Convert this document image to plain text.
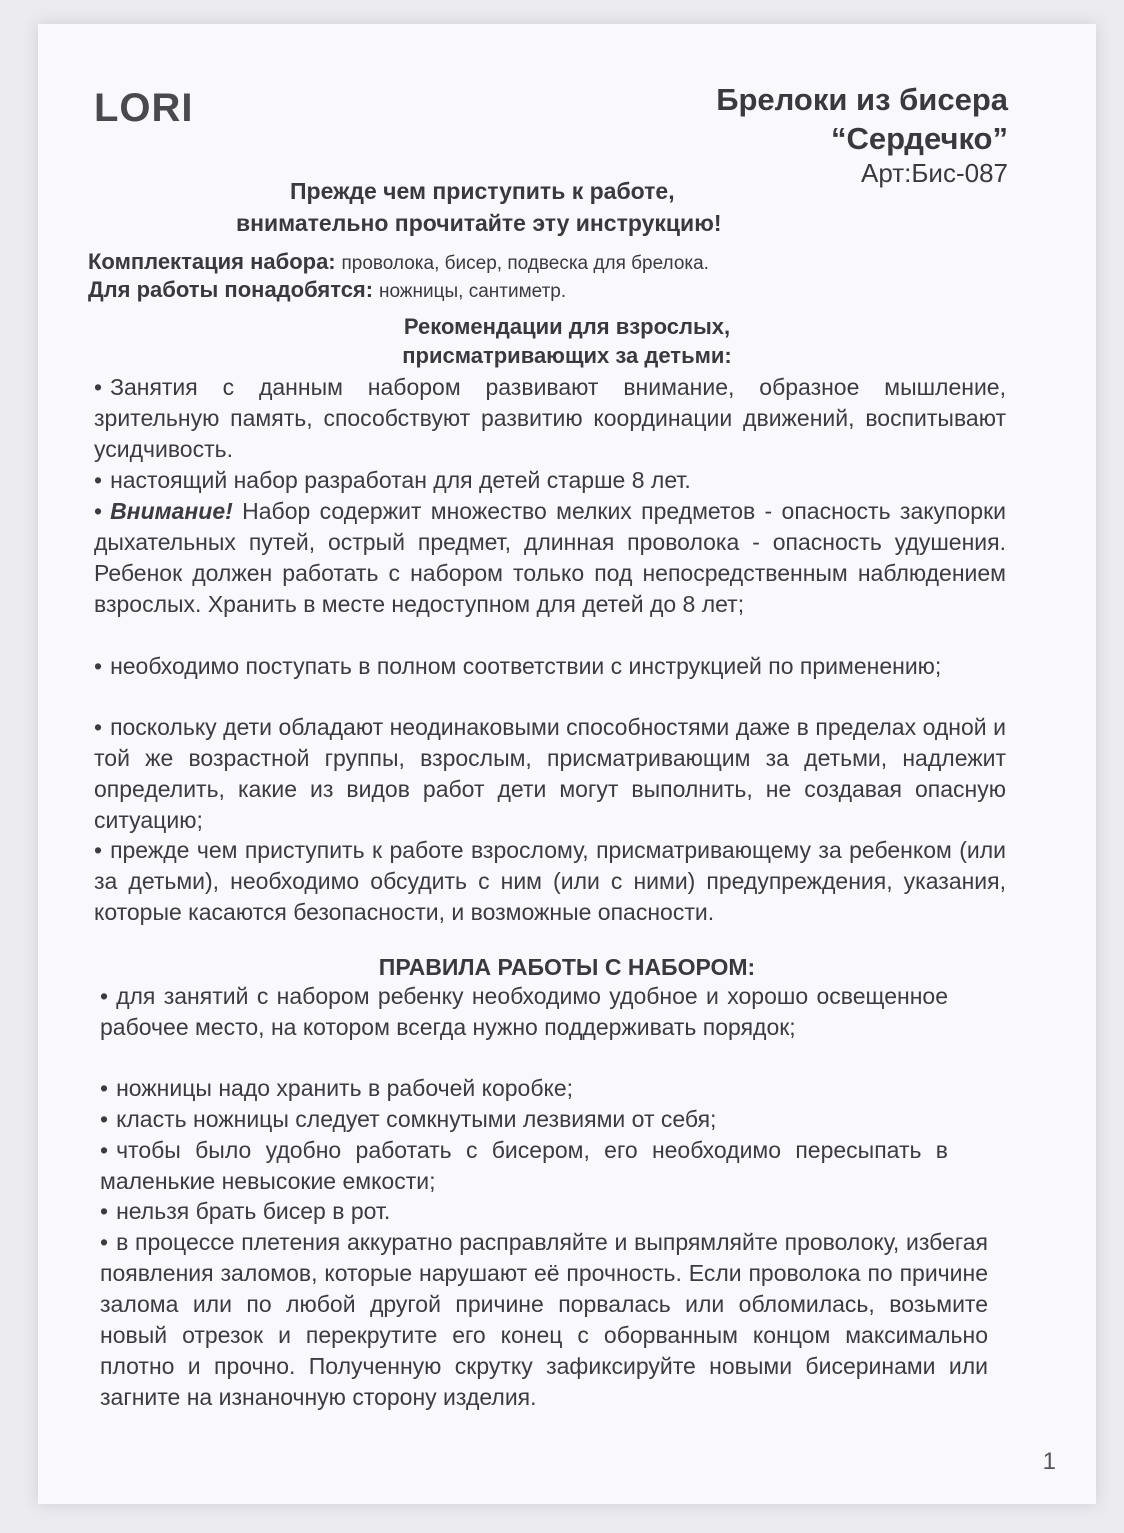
LORI	Брелоки из бисера
“Сердечко”
Арт:Бис-087
Прежде чем приступить к работе,
внимательно прочитайте эту инструкцию!
Комплектация набора: проволока, бисер, подвеска для брелока.
Для работы понадобятся: ножницы, сантиметр.
Рекомендации для взрослых,
присматривающих за детьми:
• Занятия с данным набором развивают внимание, образное мышление, зрительную память, способствуют развитию координации движений, воспитывают усидчивость.
• настоящий набор разработан для детей старше 8 лет.
• Внимание! Набор содержит множество мелких предметов - опасность закупорки дыхательных путей, острый предмет, длинная проволока - опасность удушения. Ребенок должен работать с набором только под непосредственным наблюдением взрослых. Хранить в месте недоступном для детей до 8 лет;
• необходимо поступать в полном соответствии с инструкцией по применению;
• поскольку дети обладают неодинаковыми способностями даже в пределах одной и той же возрастной группы, взрослым, присматривающим за детьми, надлежит определить, какие из видов работ дети могут выполнить, не создавая опасную ситуацию;
• прежде чем приступить к работе взрослому, присматривающему за ребенком (или за детьми), необходимо обсудить с ним (или с ними) предупреждения, указания, которые касаются безопасности, и возможные опасности.
ПРАВИЛА РАБОТЫ С НАБОРОМ:
• для занятий с набором ребенку необходимо удобное и хорошо освещенное рабочее место, на котором всегда нужно поддерживать порядок;
• ножницы надо хранить в рабочей коробке;
• класть ножницы следует сомкнутыми лезвиями от себя;
• чтобы было удобно работать с бисером, его необходимо пересыпать в маленькие невысокие емкости;
• нельзя брать бисер в рот.
• в процессе плетения аккуратно расправляйте и выпрямляйте проволоку, избегая появления заломов, которые нарушают её прочность. Если проволока по причине залома или по любой другой причине порвалась или обломилась, возьмите новый отрезок и перекрутите его конец с оборванным концом максимально плотно и прочно. Полученную скрутку зафиксируйте новыми бисеринами или загните на изнаночную сторону изделия.
1
